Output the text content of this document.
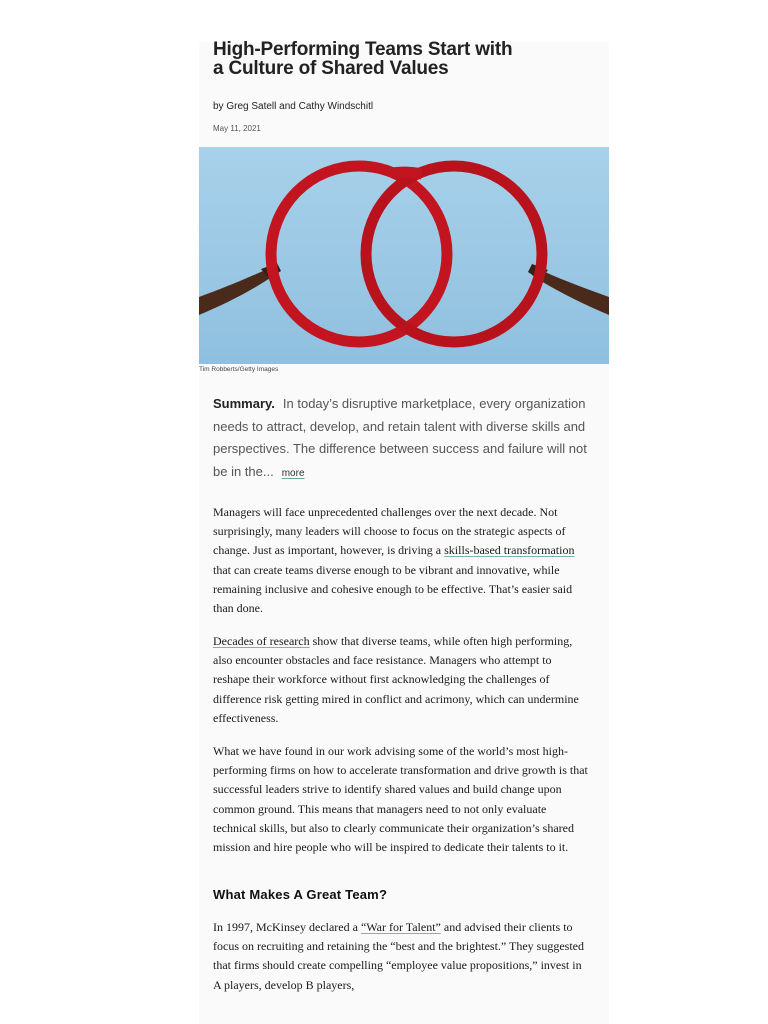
High-Performing Teams Start with a Culture of Shared Values
by Greg Satell and Cathy Windschitl
May 11, 2021
Tim Robberts/Getty Images

Summary. In today’s disruptive marketplace, every organization needs to attract, develop, and retain talent with diverse skills and perspectives. The difference between success and failure will not be in the... more

Managers will face unprecedented challenges over the next decade. Not surprisingly, many leaders will choose to focus on the strategic aspects of change. Just as important, however, is driving a skills-based transformation that can create teams diverse enough to be vibrant and innovative, while remaining inclusive and cohesive enough to be effective. That’s easier said than done.

Decades of research show that diverse teams, while often high performing, also encounter obstacles and face resistance. Managers who attempt to reshape their workforce without first acknowledging the challenges of difference risk getting mired in conflict and acrimony, which can undermine effectiveness.

What we have found in our work advising some of the world’s most high-performing firms on how to accelerate transformation and drive growth is that successful leaders strive to identify shared values and build change upon common ground. This means that managers need to not only evaluate technical skills, but also to clearly communicate their organization’s shared mission and hire people who will be inspired to dedicate their talents to it.

What Makes A Great Team?

In 1997, McKinsey declared a “War for Talent” and advised their clients to focus on recruiting and retaining the “best and the brightest.” They suggested that firms should create compelling “employee value propositions,” invest in A players, develop B players,
